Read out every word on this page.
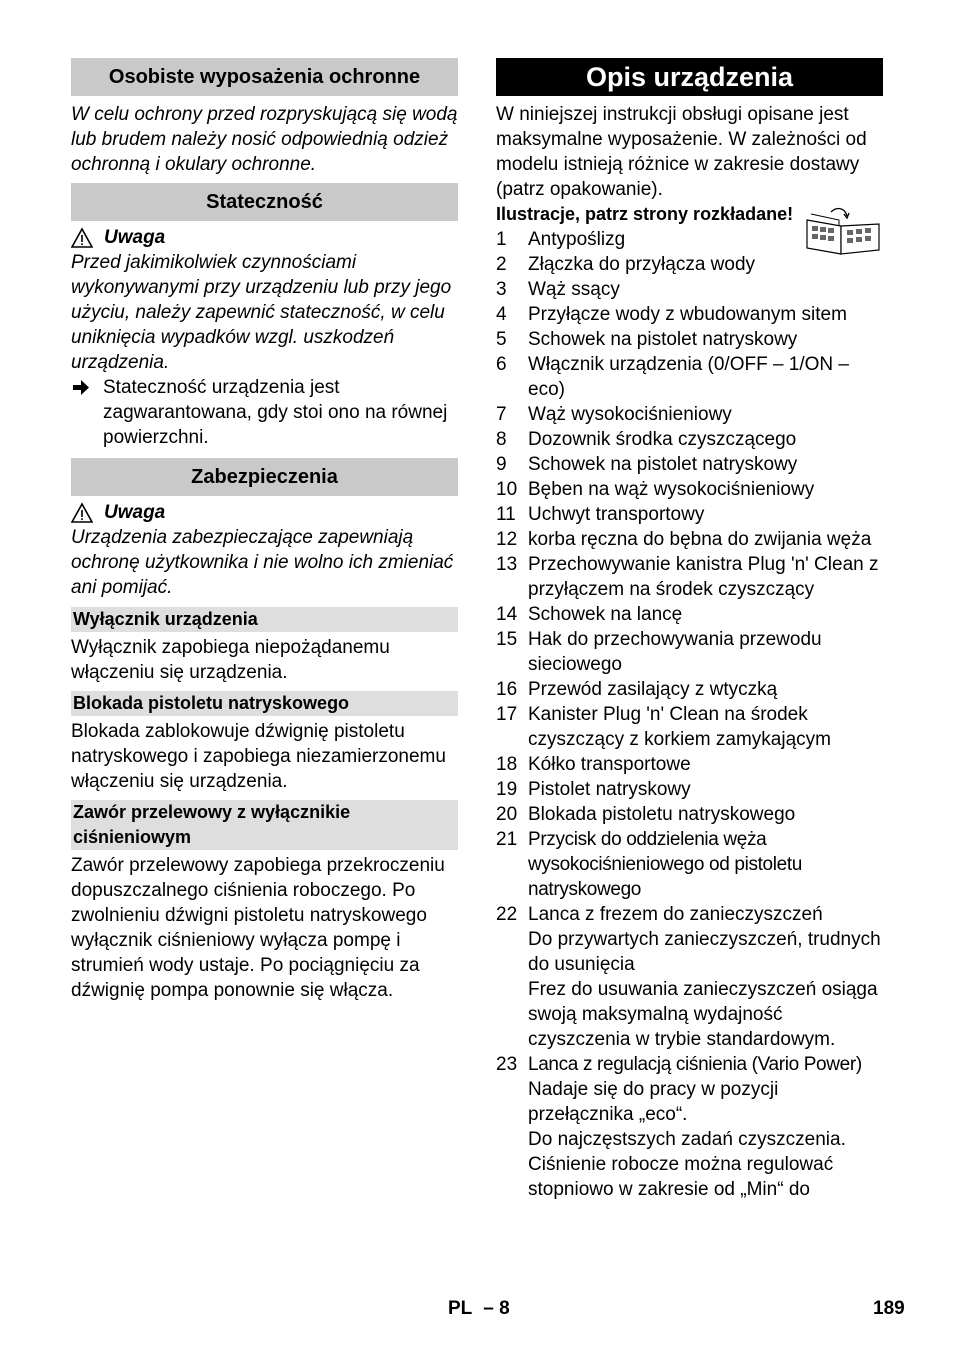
Osobiste wyposażenia ochronne

W celu ochrony przed rozpryskującą się wodą lub brudem należy nosić odpowiednią odzież ochronną i okulary ochronne.

Stateczność
Uwaga

Przed jakimikolwiek czynnościami wykonywanymi przy urządzeniu lub przy jego użyciu, należy zapewnić stateczność, w celu uniknięcia wypadków wzgl. uszkodzeń urządzenia.

Stateczność urządzenia jest zagwarantowana, gdy stoi ono na równej powierzchni.
Zabezpieczenia
Uwaga

Urządzenia zabezpieczające zapewniają ochronę użytkownika i nie wolno ich zmieniać ani pomijać.

Wyłącznik urządzenia

Wyłącznik zapobiega niepożądanemu włączeniu się urządzenia.

Blokada pistoletu natryskowego

Blokada zablokowuje dźwignię pistoletu natryskowego i zapobiega niezamierzonemu włączeniu się urządzenia.

Zawór przelewowy z wyłącznikie ciśnieniowym

Zawór przelewowy zapobiega przekroczeniu dopuszczalnego ciśnienia roboczego. Po zwolnieniu dźwigni pistoletu natryskowego wyłącznik ciśnieniowy wyłącza pompę i strumień wody ustaje. Po pociągnięciu za dźwignię pompa ponownie się włącza.

Opis urządzenia

W niniejszej instrukcji obsługi opisane jest maksymalne wyposażenie. W zależności od modelu istnieją różnice w zakresie dostawy (patrz opakowanie).

Ilustracje, patrz strony rozkładane!

1	Antypoślizg
2	Złączka do przyłącza wody
3	Wąż ssący
4	Przyłącze wody z wbudowanym sitem
5	Schowek na pistolet natryskowy
6	Włącznik urządzenia (0/OFF – 1/ON – eco)
7	Wąż wysokociśnieniowy
8	Dozownik środka czyszczącego
9	Schowek na pistolet natryskowy
10 Bęben na wąż wysokociśnieniowy
11 Uchwyt transportowy
12 korba ręczna do bębna do zwijania węża
13 Przechowywanie kanistra Plug 'n' Clean z przyłączem na środek czyszczący
14 Schowek na lancę
15 Hak do przechowywania przewodu sieciowego
16 Przewód zasilający z wtyczką
17 Kanister Plug 'n' Clean na środek czyszczący z korkiem zamykającym
18 Kółko transportowe
19 Pistolet natryskowy
20 Blokada pistoletu natryskowego
21 Przycisk do oddzielenia węża wysokociśnieniowego od pistoletu natryskowego
22 Lanca z frezem do zanieczyszczeń
Do przywartych zanieczyszczeń, trudnych do usunięcia
Frez do usuwania zanieczyszczeń osiąga swoją maksymalną wydajność czyszczenia w trybie standardowym.
23 Lanca z regulacją ciśnienia (Vario Power)
Nadaje się do pracy w pozycji przełącznika „eco“.
Do najczęstszych zadań czyszczenia. Ciśnienie robocze można regulować stopniowo w zakresie od „Min“ do
PL – 8	189
